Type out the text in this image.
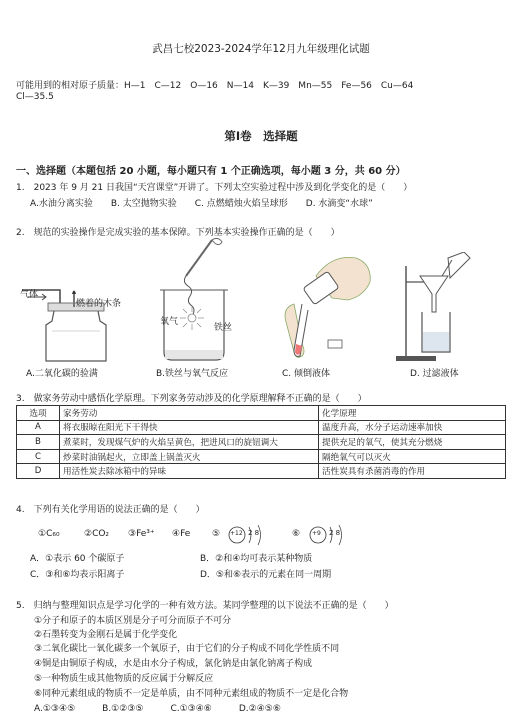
武昌七校2023-2024学年12月九年级理化试题
可能用到的相对原子质量：H—1　C—12　O—16　N—14　K—39　Mn—55　Fe—56　Cu—64
Cl—35.5
第Ⅰ卷　选择题
一、选择题（本题包括 20 小题，每小题只有 1 个正确选项，每小题 3 分，共 60 分）
1.　2023 年 9 月 21 日我国“天宫课堂”开讲了。下列太空实验过程中涉及到化学变化的是（　　）
A.水油分离实验　　B. 太空抛物实验　　C. 点燃蜡烛火焰呈球形　　D. 水滴变“水球”
2.　规范的实验操作是完成实验的基本保障。下列基本实验操作正确的是（　　）
气体
燃着的木条
A.二氧化碳的验满
氧气
铁丝
B.铁丝与氧气反应	C. 倾倒液体	D. 过滤液体
3.　做家务劳动中感悟化学原理。下列家务劳动涉及的化学原理解释不正确的是（　　）
选项	家务劳动	化学原理
A	将衣服晾在阳光下干得快	温度升高，水分子运动速率加快
B	煮菜时，发现煤气炉的火焰呈黄色，把进风口的旋钮调大	提供充足的氧气，使其充分燃烧
C	炒菜时油锅起火，立即盖上锅盖灭火	隔绝氧气可以灭火
D	用活性炭去除冰箱中的异味	活性炭具有杀菌消毒的作用
4.　下列有关化学用语的说法正确的是（　　）
①C₆₀	②CO₂ ③Fe³⁺ ④Fe ⑤ +12 2 8	⑥ +9 2 8
A．①表示 60 个碳原子	B．②和④均可表示某种物质
C．③和⑥均表示阳离子	D．⑤和⑥表示的元素在同一周期
5.　归纳与整理知识点是学习化学的一种有效方法。某同学整理的以下说法不正确的是（　　）
①分子和原子的本质区别是分子可分而原子不可分
②石墨转变为金刚石是属于化学变化
③二氧化碳比一氧化碳多一个氧原子，由于它们的分子构成不同化学性质不同
④铜是由铜原子构成，水是由水分子构成，氯化钠是由氯化钠离子构成
⑤一种物质生成其他物质的反应属于分解反应
⑥同种元素组成的物质不一定是单质，由不同种元素组成的物质不一定是化合物
A.①③④⑤　　　B.①②③⑤　　　C.①③④⑥　　　D.②④⑤⑥
